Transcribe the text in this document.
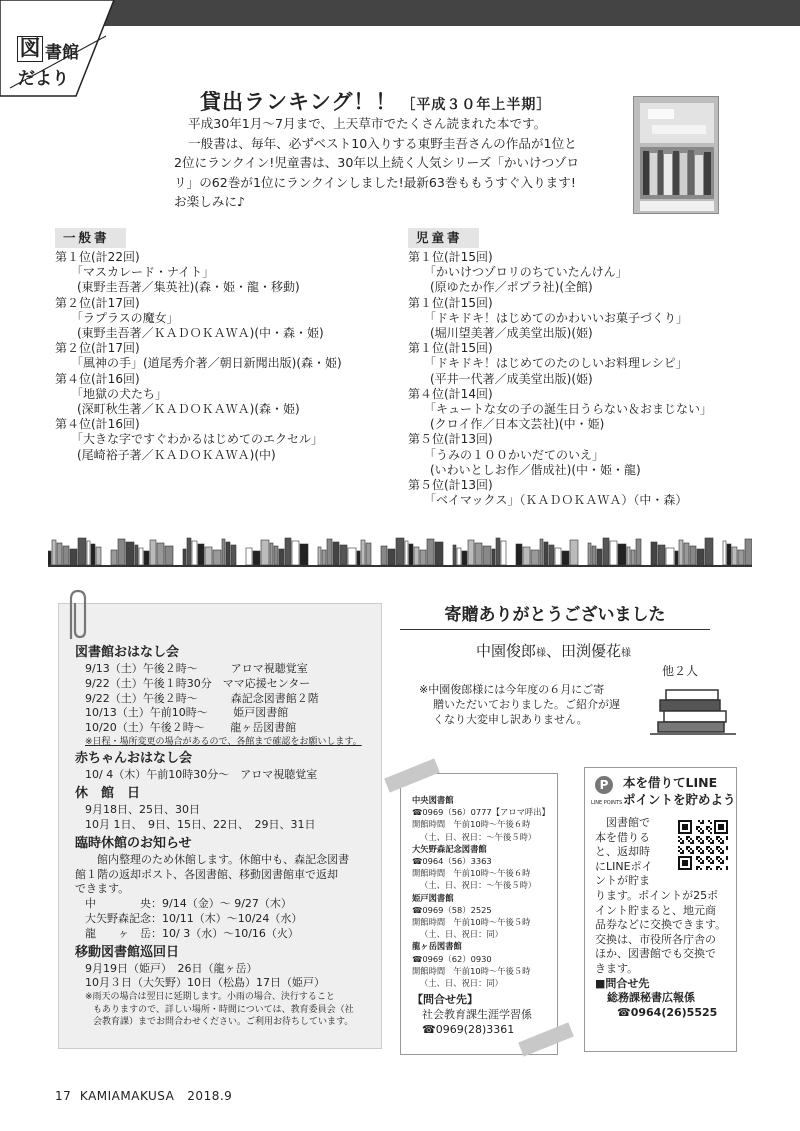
図 書館
だより
貸出ランキング！！ ［平成３０年上半期］

平成30年1月〜7月まで、上天草市でたくさん読まれた本です。

一般書は、毎年、必ずベスト10入りする東野圭吾さんの作品が1位と

2位にランクイン!児童書は、30年以上続く人気シリーズ「かいけつゾロ

リ」の62巻が1位にランクインしました!最新63巻ももうすぐ入ります!

お楽しみに♪

一般書
第１位(計22回)
「マスカレード・ナイト」
(東野圭吾著／集英社)(森・姫・龍・移動)
第２位(計17回)
「ラプラスの魔女」
(東野圭吾著／ＫＡＤＯＫＡＷＡ)(中・森・姫)
第２位(計17回)
「風神の手」(道尾秀介著／朝日新聞出版)(森・姫)
第４位(計16回)
「地獄の犬たち」
(深町秋生著／ＫＡＤＯＫＡＷＡ)(森・姫)
第４位(計16回)
「大きな字ですぐわかるはじめてのエクセル」
(尾崎裕子著／ＫＡＤＯＫＡＷＡ)(中)
児童書
第１位(計15回)
「かいけつゾロリのちていたんけん」
(原ゆたか作／ポプラ社)(全館)
第１位(計15回)
「ドキドキ！はじめてのかわいいお菓子づくり」
(堀川望美著／成美堂出版)(姫)
第１位(計15回)
「ドキドキ！はじめてのたのしいお料理レシピ」
(平井一代著／成美堂出版)(姫)
第４位(計14回)
「キュートな女の子の誕生日うらない＆おまじない」
(クロイ作／日本文芸社)(中・姫)
第５位(計13回)
「うみの１００かいだてのいえ」
(いわいとしお作／偕成社)(中・姫・龍)
第５位(計13回)
「ベイマックス」（ＫＡＤＯＫＡＷＡ）（中・森）
図書館おはなし会
9/13（土）午後２時〜　　　アロマ視聴覚室
9/22（土）午後１時30分　ママ応援センター
9/22（土）午後２時〜　　　森記念図書館２階
10/13（土）午前10時〜　　 姫戸図書館
10/20（土）午後２時〜　　 龍ヶ岳図書館
※日程・場所変更の場合があるので、各館まで確認をお願いします。
赤ちゃんおはなし会
10/ 4（木）午前10時30分〜　アロマ視聴覚室
休　館　日
9月18日、25日、30日
10月 1日、　9日、15日、22日、　29日、31日
臨時休館のお知らせ
館内整理のため休館します。休館中も、森記念図書
館１階の返却ポスト、各図書館、移動図書館車で返却
できます。
中　　　　央：9/14（金）〜 9/27（木）
大矢野森記念：10/11（木）〜10/24（水）
龍　　ヶ　岳：10/ 3（水）〜10/16（火）
移動図書館巡回日
9月19日（姫戸）　26日（龍ヶ岳）
10月３日（大矢野）10日（松島）17日（姫戸）
※雨天の場合は翌日に延期します。小雨の場合、決行すること
もありますので、詳しい場所・時間については、教育委員会（社
会教育課）までお問合わせください。ご利用お待ちしています。
寄贈ありがとうございました
中園俊郎様、田渕優花様
他２人

※中園俊郎様には今年度の６月にご寄

贈いただいておりました。ご紹介が遅

くなり大変申し訳ありません。

中央図書館
☎0969（56）0777【アロマ呼出】
開館時間　午前10時〜午後６時
（土、日、祝日：〜午後５時）
大矢野森記念図書館
☎0964（56）3363
開館時間　午前10時〜午後６時
（土、日、祝日：〜午後５時）
姫戸図書館
☎0969（58）2525
開館時間　午前10時〜午後５時
（土、日、祝日：同）
龍ヶ岳図書館
☎0969（62）0930
開館時間　午前10時〜午後５時
（土、日、祝日：同）
【問合せ先】
社会教育課生涯学習係
☎0969(28)3361
P
LINE POINTS
本を借りてLINE
ポイントを貯めよう

図書館で

本を借りる

と、返却時

にLINEポイ

ントが貯ま

ります。ポイントが25ポ

イント貯まると、地元商

品券などに交換できます。

交換は、市役所各庁舎の

ほか、図書館でも交換で

きます。

■問合せ先

総務課秘書広報係

☎0964(26)5525

17 KAMIAMAKUSA 2018.9
